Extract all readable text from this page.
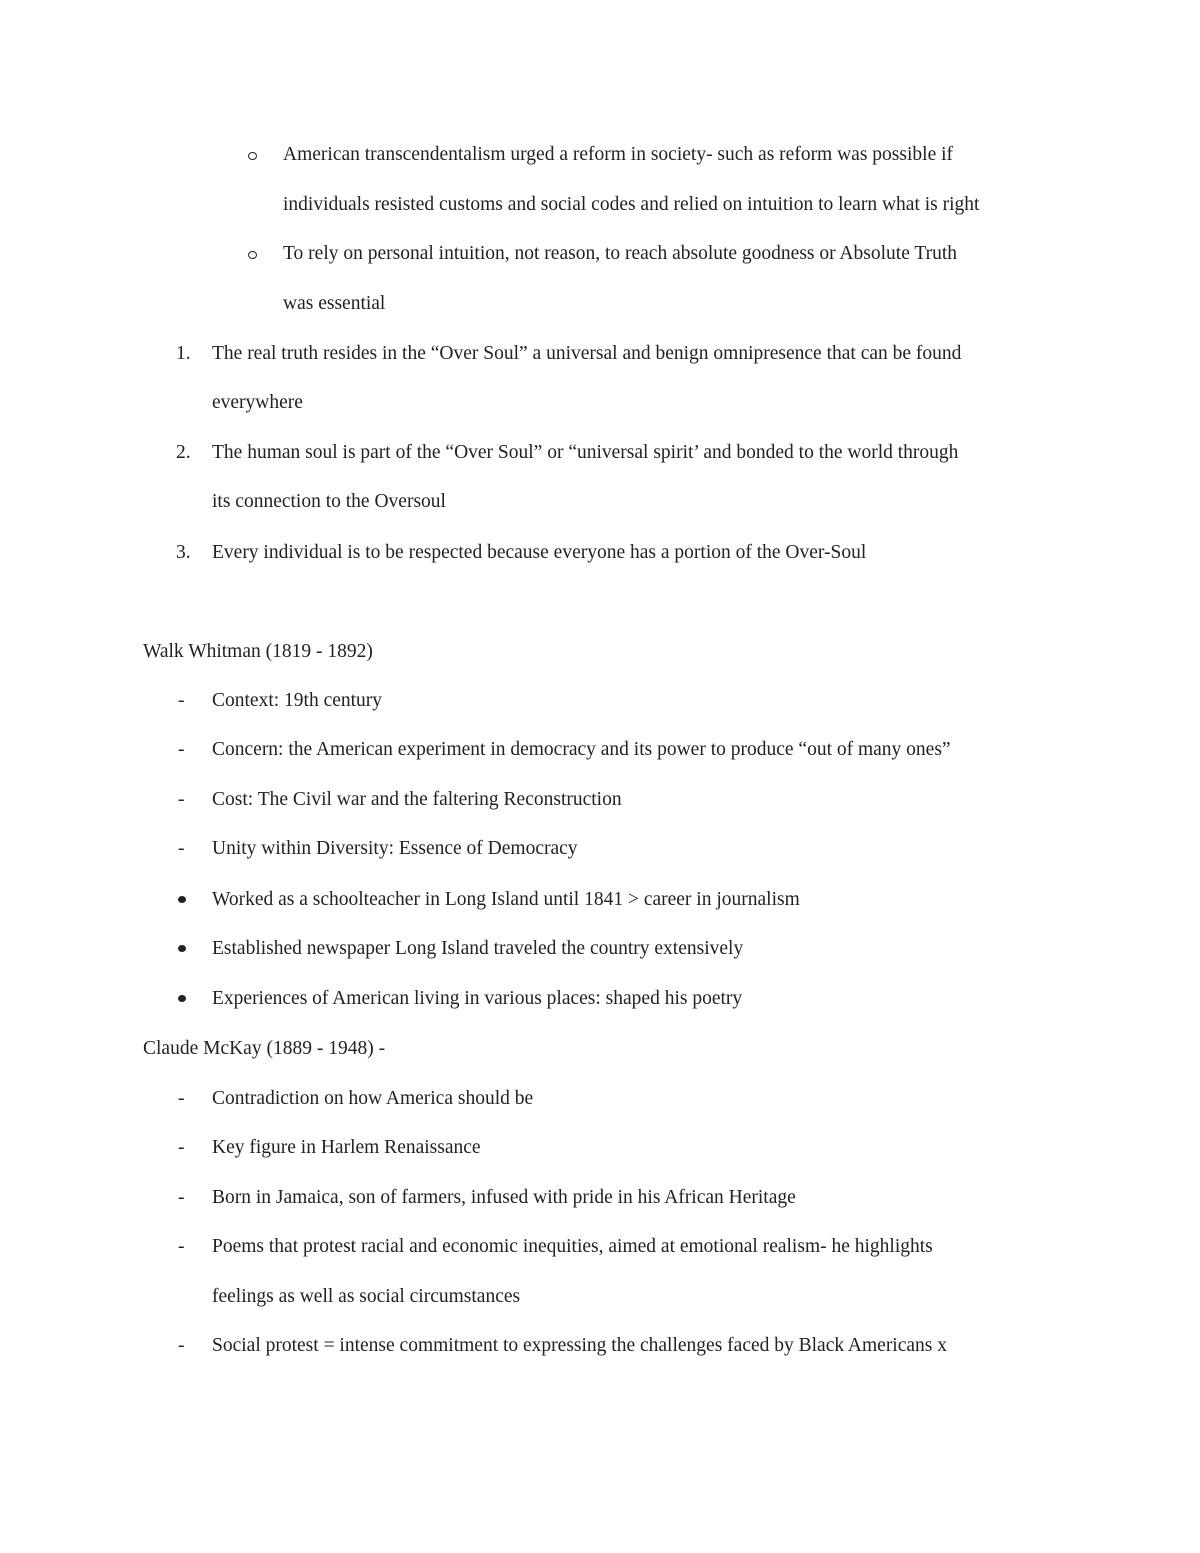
American transcendentalism urged a reform in society- such as reform was possible if
individuals resisted customs and social codes and relied on intuition to learn what is right
To rely on personal intuition, not reason, to reach absolute goodness or Absolute Truth
was essential
1. The real truth resides in the “Over Soul” a universal and benign omnipresence that can be found
everywhere
2. The human soul is part of the “Over Soul” or “universal spirit’ and bonded to the world through
its connection to the Oversoul
3. Every individual is to be respected because everyone has a portion of the Over-Soul
Walk Whitman (1819 - 1892)
- Context: 19th century
- Concern: the American experiment in democracy and its power to produce “out of many ones”
- Cost: The Civil war and the faltering Reconstruction
- Unity within Diversity: Essence of Democracy
Worked as a schoolteacher in Long Island until 1841 > career in journalism
Established newspaper Long Island traveled the country extensively
Experiences of American living in various places: shaped his poetry
Claude McKay (1889 - 1948) -
- Contradiction on how America should be
- Key figure in Harlem Renaissance
- Born in Jamaica, son of farmers, infused with pride in his African Heritage
- Poems that protest racial and economic inequities, aimed at emotional realism- he highlights
feelings as well as social circumstances
- Social protest = intense commitment to expressing the challenges faced by Black Americans x
